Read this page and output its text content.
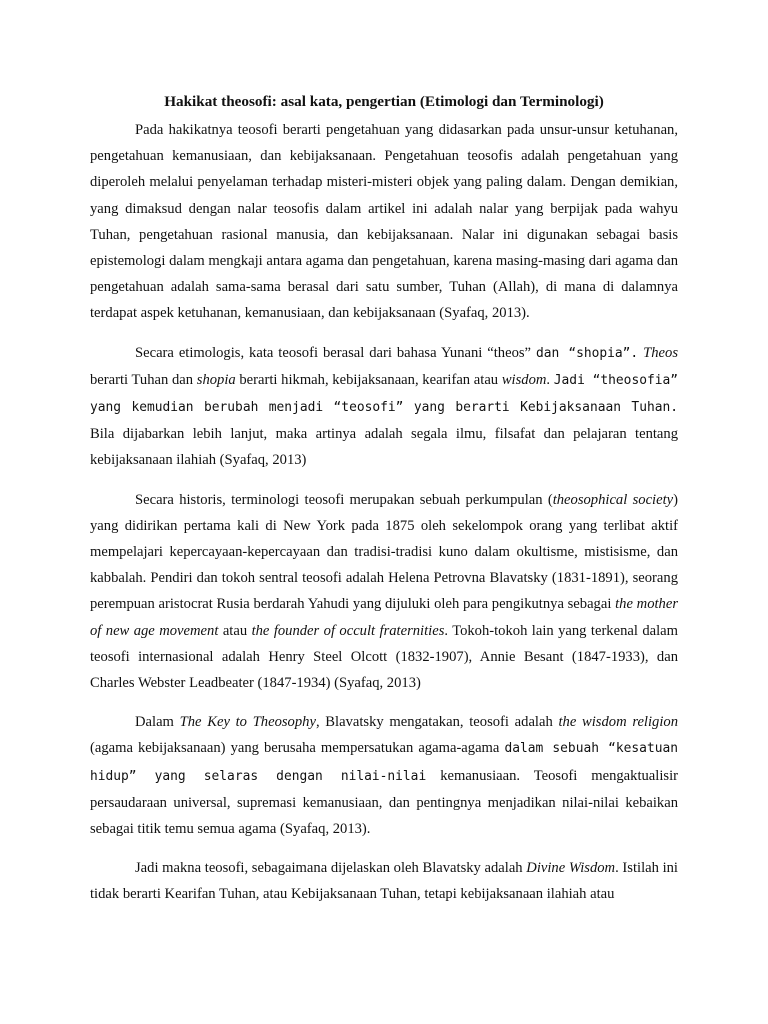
Hakikat theosofi: asal kata, pengertian (Etimologi dan Terminologi)

Pada hakikatnya teosofi berarti pengetahuan yang didasarkan pada unsur-unsur ketuhanan, pengetahuan kemanusiaan, dan kebijaksanaan. Pengetahuan teosofis adalah pengetahuan yang diperoleh melalui penyelaman terhadap misteri-misteri objek yang paling dalam. Dengan demikian, yang dimaksud dengan nalar teosofis dalam artikel ini adalah nalar yang berpijak pada wahyu Tuhan, pengetahuan rasional manusia, dan kebijaksanaan. Nalar ini digunakan sebagai basis epistemologi dalam mengkaji antara agama dan pengetahuan, karena masing-masing dari agama dan pengetahuan adalah sama-sama berasal dari satu sumber, Tuhan (Allah), di mana di dalamnya terdapat aspek ketuhanan, kemanusiaan, dan kebijaksanaan (Syafaq, 2013).

Secara etimologis, kata teosofi berasal dari bahasa Yunani “theos” dan “shopia”. Theos berarti Tuhan dan shopia berarti hikmah, kebijaksanaan, kearifan atau wisdom. Jadi “theosofia” yang kemudian berubah menjadi “teosofi” yang berarti Kebijaksanaan Tuhan. Bila dijabarkan lebih lanjut, maka artinya adalah segala ilmu, filsafat dan pelajaran tentang kebijaksanaan ilahiah (Syafaq, 2013)

Secara historis, terminologi teosofi merupakan sebuah perkumpulan (theosophical society) yang didirikan pertama kali di New York pada 1875 oleh sekelompok orang yang terlibat aktif mempelajari kepercayaan-kepercayaan dan tradisi-tradisi kuno dalam okultisme, mistisisme, dan kabbalah. Pendiri dan tokoh sentral teosofi adalah Helena Petrovna Blavatsky (1831-1891), seorang perempuan aristocrat Rusia berdarah Yahudi yang dijuluki oleh para pengikutnya sebagai the mother of new age movement atau the founder of occult fraternities. Tokoh-tokoh lain yang terkenal dalam teosofi internasional adalah Henry Steel Olcott (1832-1907), Annie Besant (1847-1933), dan Charles Webster Leadbeater (1847-1934) (Syafaq, 2013)

Dalam The Key to Theosophy, Blavatsky mengatakan, teosofi adalah the wisdom religion (agama kebijaksanaan) yang berusaha mempersatukan agama-agama dalam sebuah “kesatuan hidup” yang selaras dengan nilai-nilai kemanusiaan. Teosofi mengaktualisir persaudaraan universal, supremasi kemanusiaan, dan pentingnya menjadikan nilai-nilai kebaikan sebagai titik temu semua agama (Syafaq, 2013).

Jadi makna teosofi, sebagaimana dijelaskan oleh Blavatsky adalah Divine Wisdom. Istilah ini tidak berarti Kearifan Tuhan, atau Kebijaksanaan Tuhan, tetapi kebijaksanaan ilahiah atau
